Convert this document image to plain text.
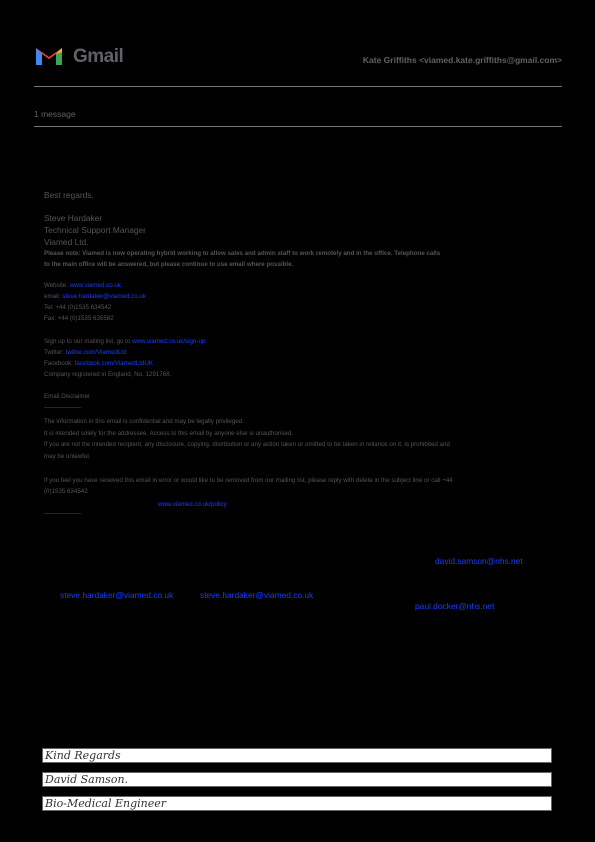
Gmail	Kate Griffiths <viamed.kate.griffiths@gmail.com>
1 message
Best regards,
Steve Hardaker
Technical Support Manager
Viamed Ltd.
Please note: Viamed is now operating hybrid working to allow sales and admin staff to work remotely and in the office. Telephone calls
to the main office will be answered, but please continue to use email where possible.
Website: www.viamed.co.uk
email: steve.hardaker@viamed.co.uk
Tel: +44 (0)1535 634542
Fax: +44 (0)1535 635582
Sign up to our mailing list, go to www.viamed.co.uk/sign-up
Twitter: twitter.com/ViamedLtd
Facebook: facebook.com/ViamedLtdUK
Company registered in England, No. 1291768.
Email Disclaimer
——————
The information in this email is confidential and may be legally privileged.
It is intended solely for the addressee. Access to this email by anyone else is unauthorised.
If you are not the intended recipient, any disclosure, copying, distribution or any action taken or omitted to be taken in reliance on it, is prohibited and
may be unlawful.
If you feel you have received this email in error or would like to be removed from our mailing list, please reply with delete in the subject line or call +44
(0)1535 634542
——————
www.viamed.co.uk/policy
david.samson@nhs.net
steve.hardaker@viamed.co.uk	steve.hardaker@viamed.co.uk
paul.docker@nhs.net
Kind Regards
David Samson.
Bio-Medical Engineer
